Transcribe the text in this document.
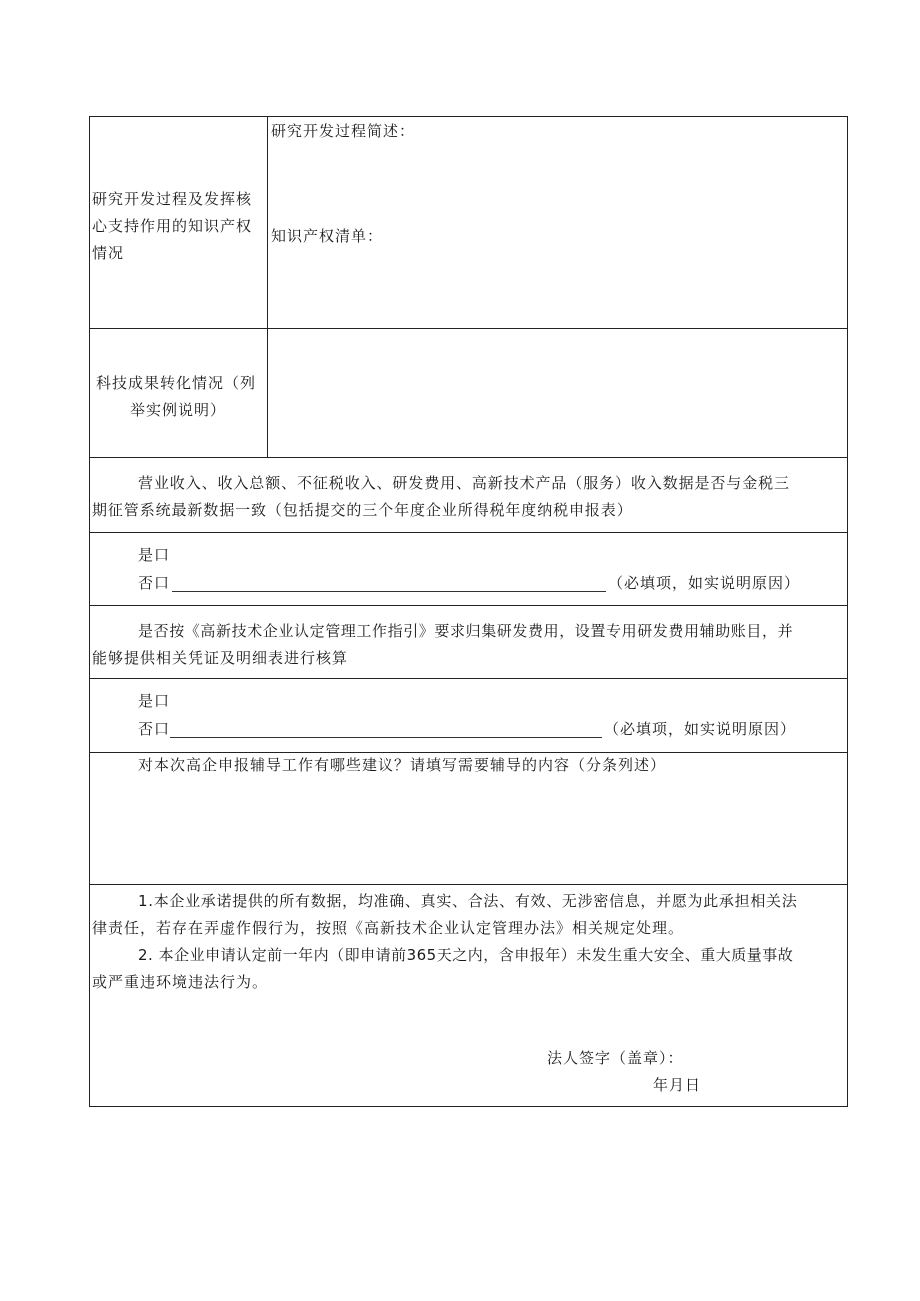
研究开发过程及发挥核
心支持作用的知识产权
情况
研究开发过程简述：
知识产权清单：
科技成果转化情况（列
举实例说明）
营业收入、收入总额、不征税收入、研发费用、高新技术产品（服务）收入数据是否与金税三
期征管系统最新数据一致（包括提交的三个年度企业所得税年度纳税申报表）
是口
否口	（必填项，如实说明原因）
是否按《高新技术企业认定管理工作指引》要求归集研发费用，设置专用研发费用辅助账目，并
能够提供相关凭证及明细表进行核算
是口
否口	（必填项，如实说明原因）
对本次高企申报辅导工作有哪些建议？请填写需要辅导的内容（分条列述）
1.本企业承诺提供的所有数据，均准确、真实、合法、有效、无涉密信息，并愿为此承担相关法
律责任，若存在弄虚作假行为，按照《高新技术企业认定管理办法》相关规定处理。
2. 本企业申请认定前一年内（即申请前365天之内，含申报年）未发生重大安全、重大质量事故
或严重违环境违法行为。
法人签字（盖章）：
年月日
